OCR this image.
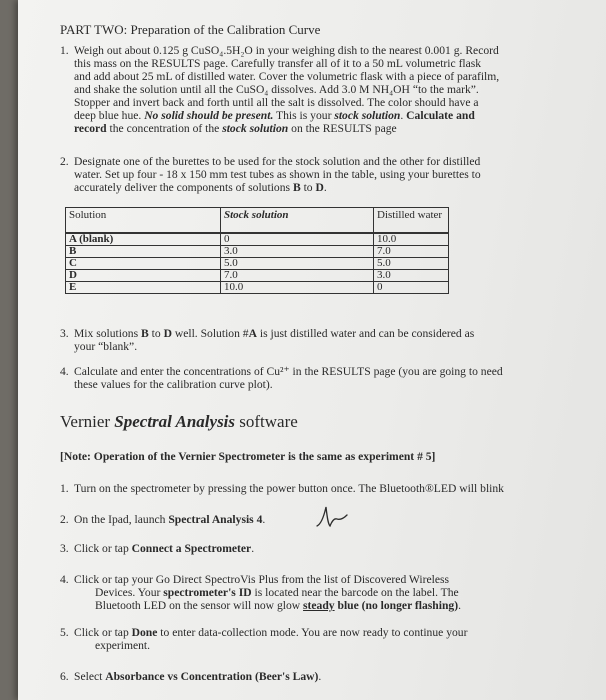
PART TWO: Preparation of the Calibration Curve
1. Weigh out about 0.125 g CuSO₄.5H₂O in your weighing dish to the nearest 0.001 g. Record
this mass on the RESULTS page. Carefully transfer all of it to a 50 mL volumetric flask
and add about 25 mL of distilled water. Cover the volumetric flask with a piece of parafilm,
and shake the solution until all the CuSO₄ dissolves. Add 3.0 M NH₄OH “to the mark”.
Stopper and invert back and forth until all the salt is dissolved. The color should have a
deep blue hue. No solid should be present. This is your stock solution. Calculate and
record the concentration of the stock solution on the RESULTS page
2. Designate one of the burettes to be used for the stock solution and the other for distilled
water. Set up four - 18 x 150 mm test tubes as shown in the table, using your burettes to
accurately deliver the components of solutions B to D.
Solution	Stock solution	Distilled water
A (blank)	0	10.0
B	3.0	7.0
C	5.0	5.0
D	7.0	3.0
E	10.0	0
3. Mix solutions B to D well. Solution #A is just distilled water and can be considered as
your “blank”.
4. Calculate and enter the concentrations of Cu²⁺ in the RESULTS page (you are going to need
these values for the calibration curve plot).
Vernier Spectral Analysis software
[Note: Operation of the Vernier Spectrometer is the same as experiment # 5]
1. Turn on the spectrometer by pressing the power button once. The Bluetooth®LED will blink
2. On the Ipad, launch Spectral Analysis 4.
3. Click or tap Connect a Spectrometer.
4. Click or tap your Go Direct SpectroVis Plus from the list of Discovered Wireless
Devices. Your spectrometer's ID is located near the barcode on the label. The
Bluetooth LED on the sensor will now glow steady blue (no longer flashing).
5. Click or tap Done to enter data-collection mode. You are now ready to continue your
experiment.
6. Select Absorbance vs Concentration (Beer's Law).
